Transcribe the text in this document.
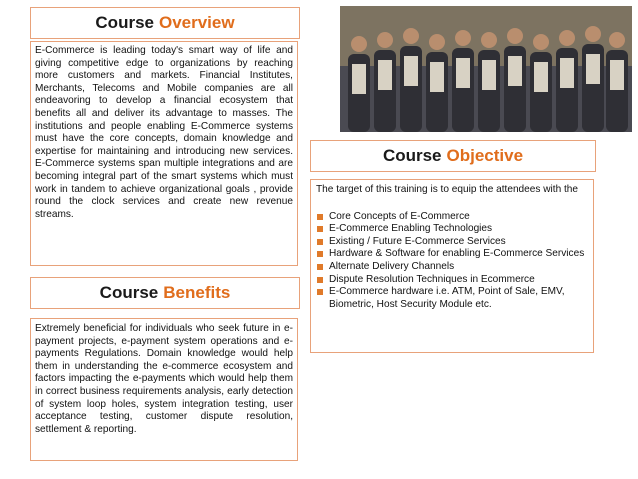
Course Overview

E-Commerce is leading today's smart way of life and giving competitive edge to organizations by reaching more customers and markets. Financial Institutes, Merchants, Telecoms and Mobile companies are all endeavoring to develop a financial ecosystem that benefits all and deliver its advantage to masses. The institutions and people enabling E-Commerce systems must have the core concepts, domain knowledge and expertise for maintaining and introducing new services. E-Commerce systems span multiple integrations and are becoming integral part of the smart systems which must work in tandem to achieve organizational goals , provide round the clock services and create new revenue streams.

Course Benefits

Extremely beneficial for individuals who seek future in e-payment projects, e-payment system operations and e-payments Regulations. Domain knowledge would help them in understanding the e-commerce ecosystem and factors impacting the e-payments which would help them in correct business requirements analysis, early detection of system loop holes, system integration testing, user acceptance testing, customer dispute resolution, settlement & reporting.

Course Objective

The target of this training is to equip the attendees with the

Core Concepts of E-Commerce
E-Commerce Enabling Technologies
Existing / Future E-Commerce Services
Hardware & Software for enabling E-Commerce Services
Alternate Delivery Channels
Dispute Resolution Techniques in Ecommerce
E-Commerce hardware i.e. ATM, Point of Sale, EMV, Biometric, Host Security Module etc.
